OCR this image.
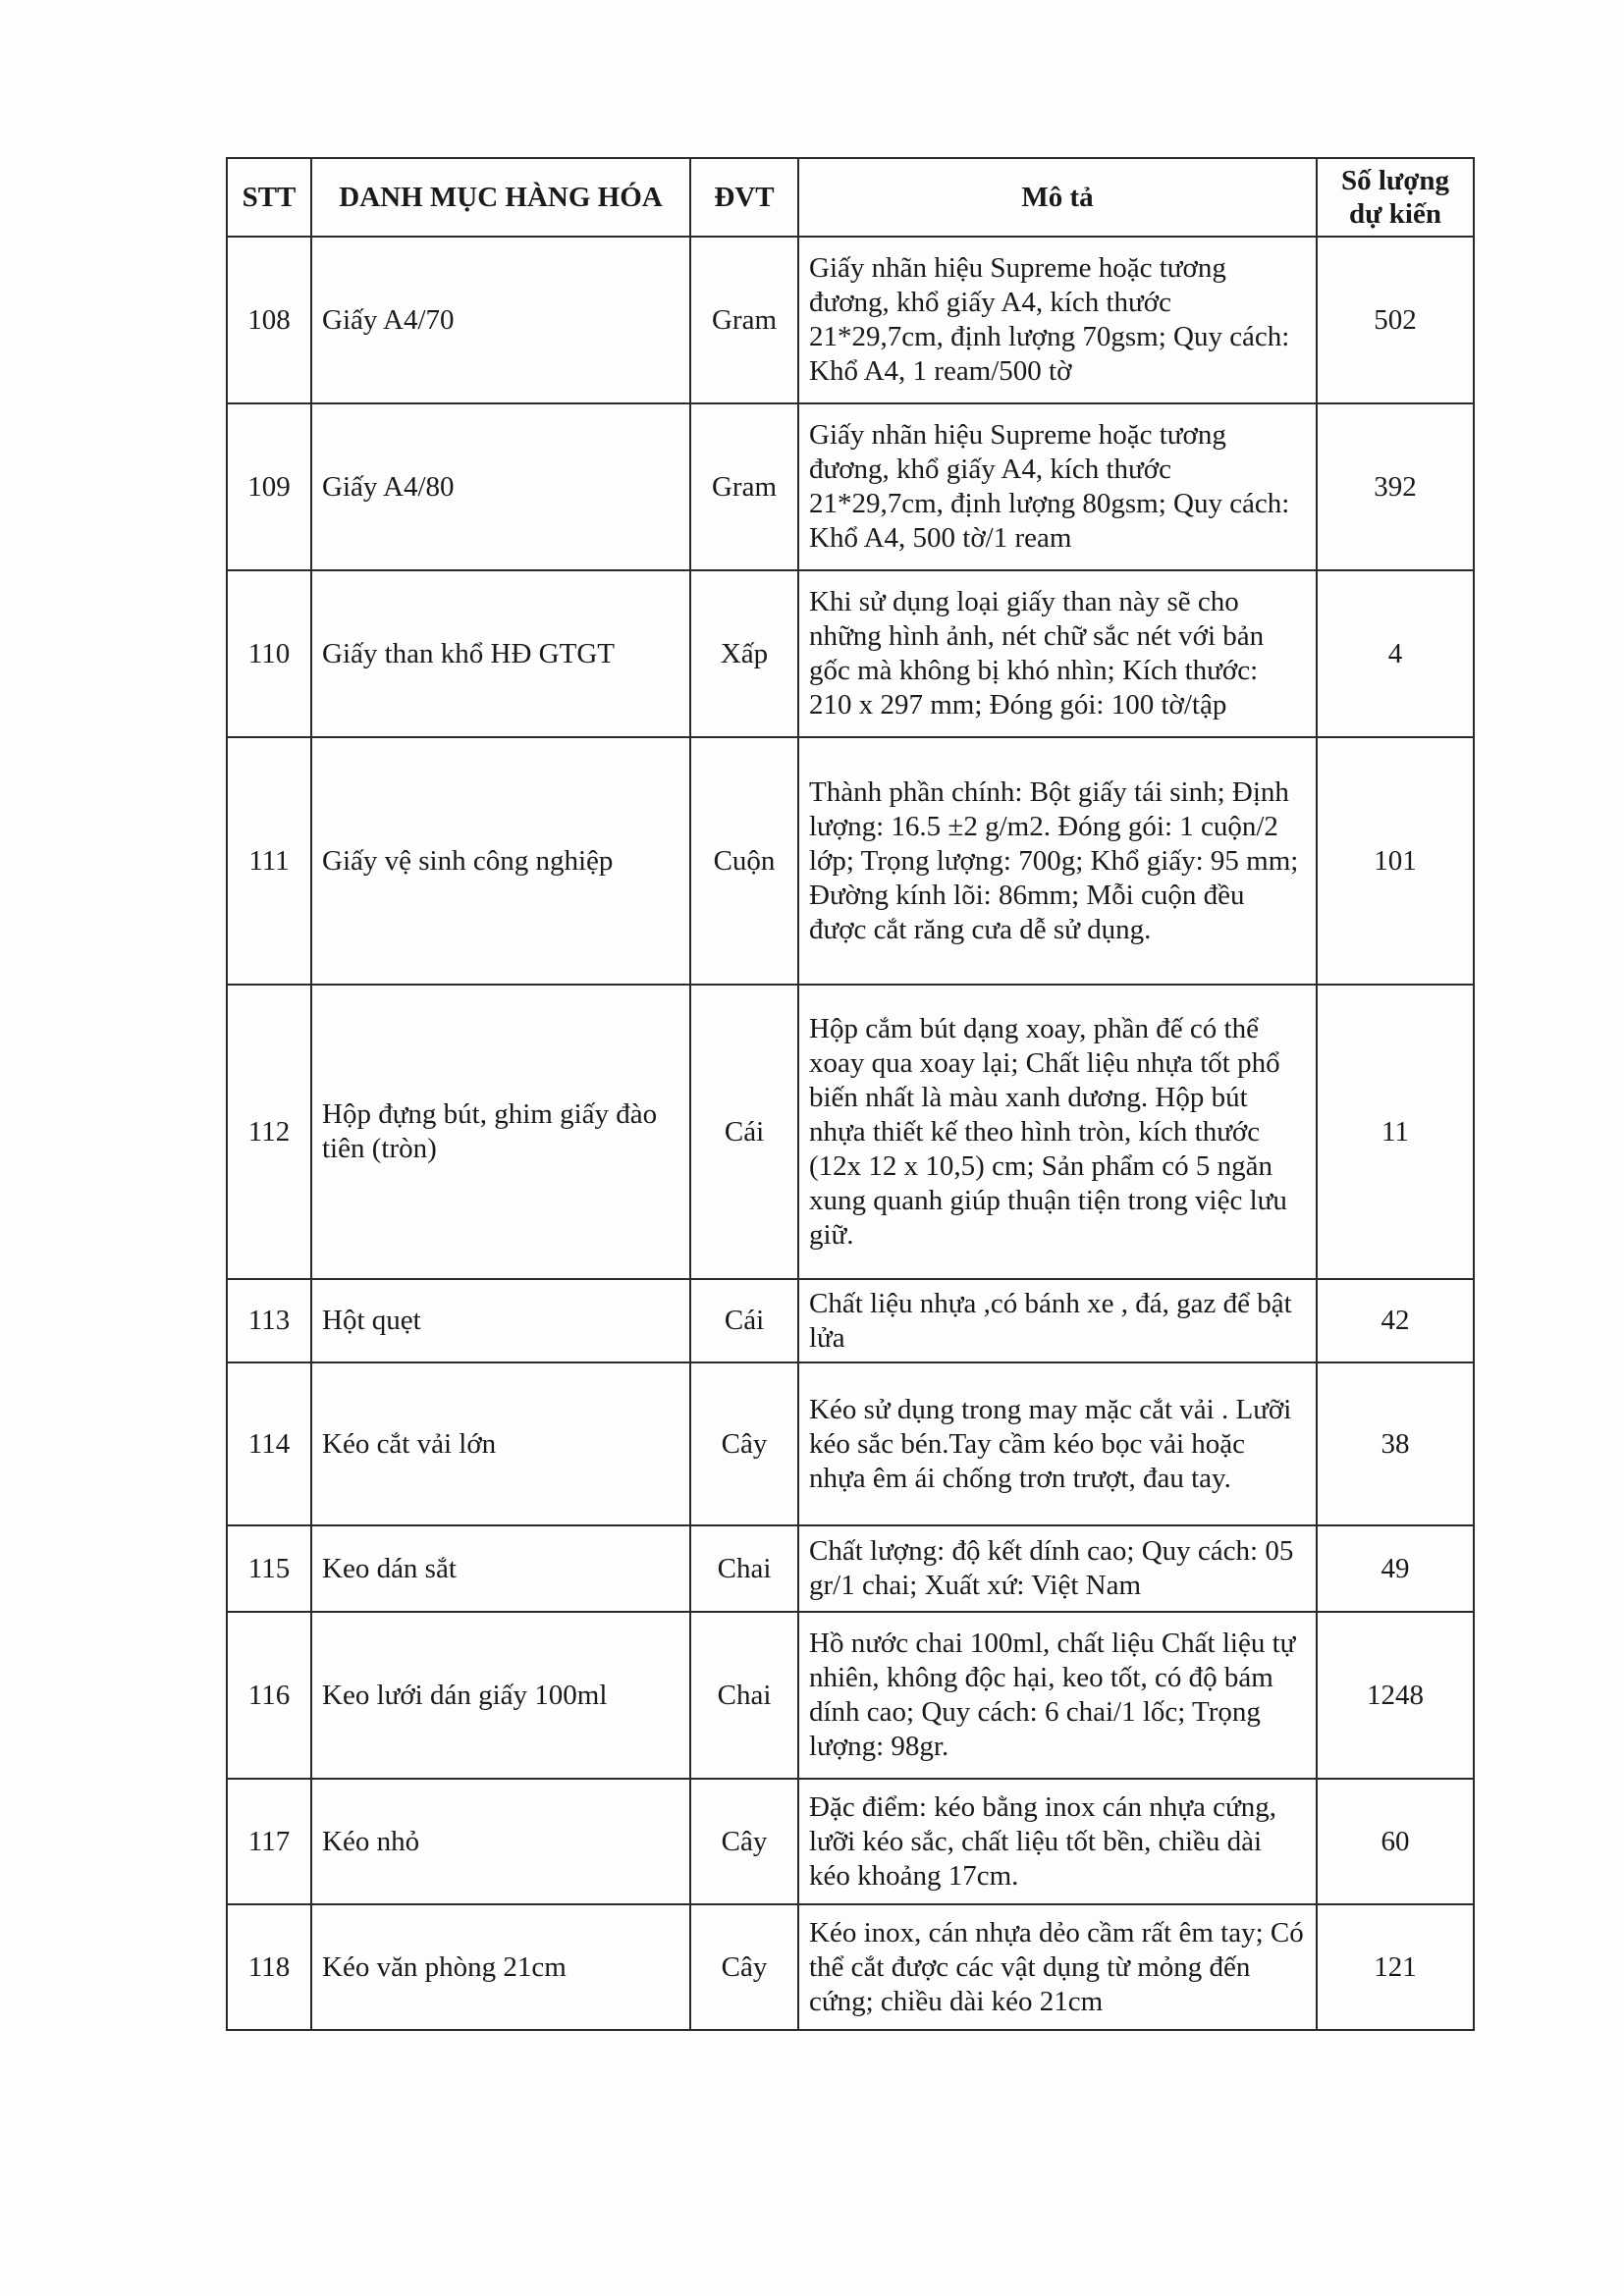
STT	DANH MỤC HÀNG HÓA	ĐVT	Mô tả	Số lượng
dự kiến
108	Giấy A4/70	Gram	Giấy nhãn hiệu Supreme hoặc tương đương, khổ giấy A4, kích thước 21*29,7cm, định lượng 70gsm; Quy cách: Khổ A4, 1 ream/500 tờ	502
109	Giấy A4/80	Gram	Giấy nhãn hiệu Supreme hoặc tương đương, khổ giấy A4, kích thước 21*29,7cm, định lượng 80gsm; Quy cách: Khổ A4, 500 tờ/1 ream	392
110	Giấy than khổ HĐ GTGT	Xấp	Khi sử dụng loại giấy than này sẽ cho những hình ảnh, nét chữ sắc nét với bản gốc mà không bị khó nhìn; Kích thước: 210 x 297 mm; Đóng gói: 100 tờ/tập	4
111	Giấy vệ sinh công nghiệp	Cuộn	Thành phần chính: Bột giấy tái sinh; Định lượng: 16.5 ±2 g/m2. Đóng gói: 1 cuộn/2 lớp; Trọng lượng: 700g; Khổ giấy: 95 mm; Đường kính lõi: 86mm; Mỗi cuộn đều được cắt răng cưa dễ sử dụng.	101
112	Hộp đựng bút, ghim giấy đào tiên (tròn)	Cái	Hộp cắm bút dạng xoay, phần đế có thể xoay qua xoay lại; Chất liệu nhựa tốt phổ biến nhất là màu xanh dương. Hộp bút nhựa thiết kế theo hình tròn, kích thước (12x 12 x 10,5) cm; Sản phẩm có 5 ngăn xung quanh giúp thuận tiện trong việc lưu giữ.	11
113	Hột quẹt	Cái	Chất liệu nhựa ,có bánh xe , đá, gaz để bật lửa	42
114	Kéo cắt vải lớn	Cây	Kéo sử dụng trong may mặc cắt vải . Lưỡi kéo sắc bén.Tay cầm kéo bọc vải hoặc nhựa êm ái chống trơn trượt, đau tay.	38
115	Keo dán sắt	Chai	Chất lượng: độ kết dính cao; Quy cách: 05 gr/1 chai; Xuất xứ: Việt Nam	49
116	Keo lưới dán giấy 100ml	Chai	Hồ nước chai 100ml, chất liệu Chất liệu tự nhiên, không độc hại, keo tốt, có độ bám dính cao; Quy cách: 6 chai/1 lốc; Trọng lượng: 98gr.	1248
117	Kéo nhỏ	Cây	Đặc điểm: kéo bằng inox cán nhựa cứng, lưỡi kéo sắc, chất liệu tốt bền, chiều dài kéo khoảng 17cm.	60
118	Kéo văn phòng 21cm	Cây	Kéo inox, cán nhựa dẻo cầm rất êm tay; Có thể cắt được các vật dụng từ mỏng đến cứng; chiều dài kéo 21cm	121
